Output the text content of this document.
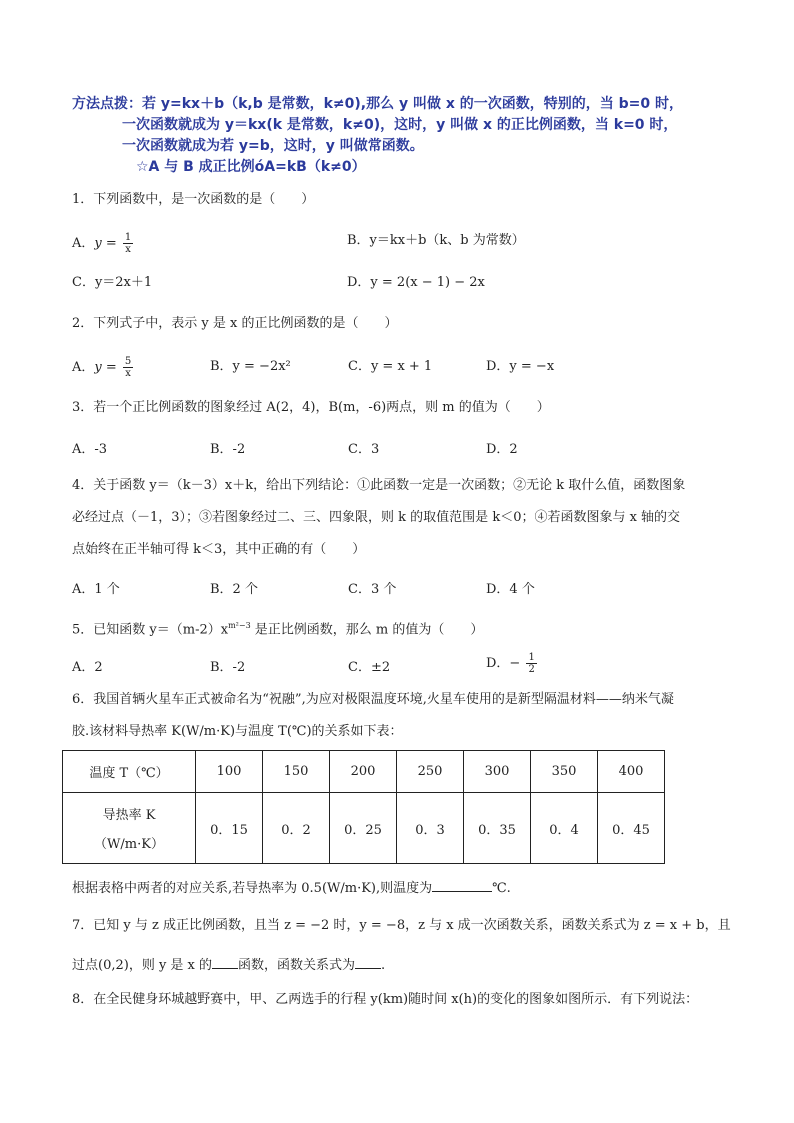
方法点拨：若 y=kx＋b（k,b 是常数，k≠0),那么 y 叫做 x 的一次函数，特别的，当 b=0 时，
一次函数就成为 y＝kx(k 是常数，k≠0)，这时，y 叫做 x 的正比例函数，当 k=0 时，
一次函数就成为若 y=b，这时，y 叫做常函数。
☆A 与 B 成正比例óA=kB（k≠0）
1．下列函数中，是一次函数的是（　　）
A．$y = \frac{1}{x}$	B．y＝kx＋b（k、b 为常数）
C．y＝2x＋1	D．y = 2(x − 1) − 2x
2．下列式子中，表示 y 是 x 的正比例函数的是（　　）
A．$y = \frac{5}{x}$	B．y = −2x²	C．y = x + 1	D．y = −x
3．若一个正比例函数的图象经过 A(2，4)，B(m，-6)两点，则 m 的值为（　　）
A．-3	B．-2	C．3	D．2
4．关于函数 y＝（k－3）x＋k，给出下列结论：①此函数一定是一次函数；②无论 k 取什么值，函数图象
必经过点（－1，3）；③若图象经过二、三、四象限，则 k 的取值范围是 k＜0；④若函数图象与 x 轴的交
点始终在正半轴可得 k＜3，其中正确的有（　　）
A．1 个	B．2 个	C．3 个	D．4 个
5．已知函数 $y=(m-2)x^{m^2-3}$ 是正比例函数，那么 m 的值为（　　）
A．2	B．-2	C．±2	D．− $\frac{1}{2}$
6．我国首辆火星车正式被命名为“祝融”,为应对极限温度环境,火星车使用的是新型隔温材料——纳米气凝
胶.该材料导热率 K(W/m·K)与温度 T(℃)的关系如下表：
温度 T（℃）	100	150	200	250	300	350	400

导热率 K
（W/m·K）	0．15	0．2	0．25	0．3	0．35	0．4	0．45
根据表格中两者的对应关系,若导热率为 0.5(W/m·K),则温度为	℃.
7．已知 y 与 z 成正比例函数，且当 z = −2 时，y = −8，z 与 x 成一次函数关系，函数关系式为 z = x + b，且
过点(0,2)，则 y 是 x 的 函数，函数关系式为 .
8．在全民健身环城越野赛中，甲、乙两选手的行程 y(km)随时间 x(h)的变化的图象如图所示．有下列说法：
